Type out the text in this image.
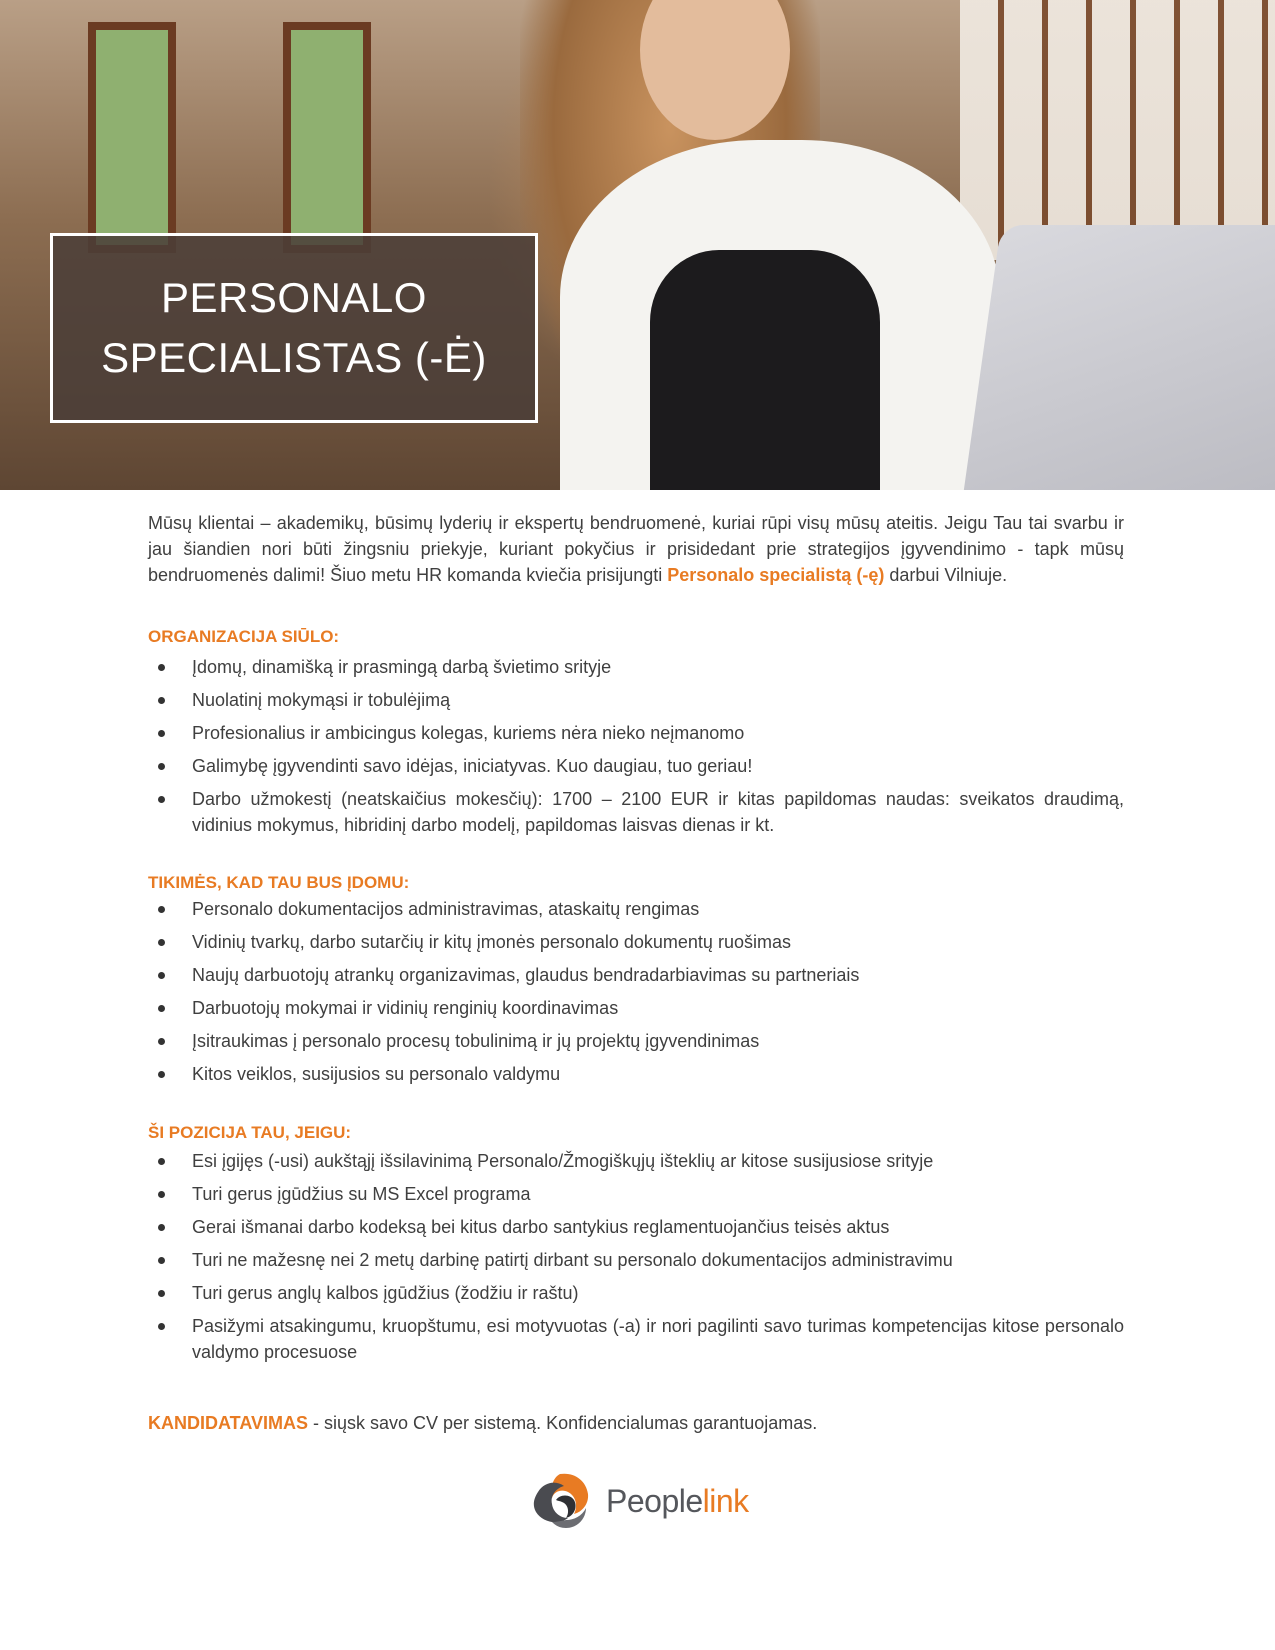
PERSONALO
SPECIALISTAS (-Ė)

Mūsų klientai – akademikų, būsimų lyderių ir ekspertų bendruomenė, kuriai rūpi visų mūsų ateitis. Jeigu Tau tai svarbu ir jau šiandien nori būti žingsniu priekyje, kuriant pokyčius ir prisidedant prie strategijos įgyvendinimo - tapk mūsų bendruomenės dalimi! Šiuo metu HR komanda kviečia prisijungti Personalo specialistą (-ę) darbui Vilniuje.

ORGANIZACIJA SIŪLO:

Įdomų, dinamišką ir prasmingą darbą švietimo srityje
Nuolatinį mokymąsi ir tobulėjimą
Profesionalius ir ambicingus kolegas, kuriems nėra nieko neįmanomo
Galimybę įgyvendinti savo idėjas, iniciatyvas. Kuo daugiau, tuo geriau!
Darbo užmokestį (neatskaičius mokesčių): 1700 – 2100 EUR ir kitas papildomas naudas: sveikatos draudimą, vidinius mokymus, hibridinį darbo modelį, papildomas laisvas dienas ir kt.

TIKIMĖS, KAD TAU BUS ĮDOMU:

Personalo dokumentacijos administravimas, ataskaitų rengimas
Vidinių tvarkų, darbo sutarčių ir kitų įmonės personalo dokumentų ruošimas
Naujų darbuotojų atrankų organizavimas, glaudus bendradarbiavimas su partneriais
Darbuotojų mokymai ir vidinių renginių koordinavimas
Įsitraukimas į personalo procesų tobulinimą ir jų projektų įgyvendinimas
Kitos veiklos, susijusios su personalo valdymu

ŠI POZICIJA TAU, JEIGU:

Esi įgijęs (-usi) aukštąjį išsilavinimą Personalo/Žmogiškųjų išteklių ar kitose susijusiose srityje
Turi gerus įgūdžius su MS Excel programa
Gerai išmanai darbo kodeksą bei kitus darbo santykius reglamentuojančius teisės aktus
Turi ne mažesnę nei 2 metų darbinę patirtį dirbant su personalo dokumentacijos administravimu
Turi gerus anglų kalbos įgūdžius (žodžiu ir raštu)
Pasižymi atsakingumu, kruopštumu, esi motyvuotas (-a) ir nori pagilinti savo turimas kompetencijas kitose personalo valdymo procesuose

KANDIDATAVIMAS - siųsk savo CV per sistemą. Konfidencialumas garantuojamas.

Peoplelink
